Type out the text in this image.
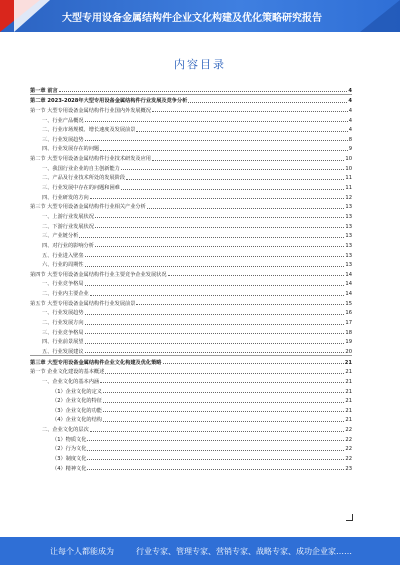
大型专用设备金属结构件企业文化构建及优化策略研究报告
内容目录
第一章 前言	4
第二章 2023-2028年大型专用设备金属结构件行业发展及竞争分析	4
第一节 大型专用设备金属结构件行业国内外发展概况	4
一、行业产品概况	4
二、行业市场规模、增长速度及发展前景	4
三、行业发展趋势	8
四、行业发展存在的问题	9
第二节 大型专用设备金属结构件行业技术研发及应用	10
一、我国行业企业的自主创新能力	10
二、产品及行业技术所处的发展阶段	11
三、行业发展中存在的问题和困难	11
四、行业研发的方向	12
第三节 大型专用设备金属结构件行业相关产业分析	13
一、上游行业发展状况	13
二、下游行业发展状况	13
三、产业链分析	13
四、对行业的影响分析	13
五、行业进入壁垒	13
六、行业的周期性	13
第四节 大型专用设备金属结构件行业主要竞争企业发展状况	14
一、行业竞争格局	14
二、行业内主要企业	14
第五节 大型专用设备金属结构件行业发展前景	15
一、行业发展趋势	16
二、行业发展方向	17
三、行业竞争格局	18
四、行业前景展望	19
五、行业发展建议	20
第三章 大型专用设备金属结构件企业文化构建及优化策略	21
第一节 企业文化建设的基本概述	21
一、企业文化的基本内涵	21
（1）企业文化的定义	21
（2）企业文化的特征	21
（3）企业文化的功能	21
（4）企业文化的结构	21
二、企业文化的层次	22
（1）物质文化	22
（2）行为文化	22
（3）制度文化	22
（4）精神文化	23
让每个人都能成为	行业专家、管理专家、营销专家、战略专家、成功企业家……
